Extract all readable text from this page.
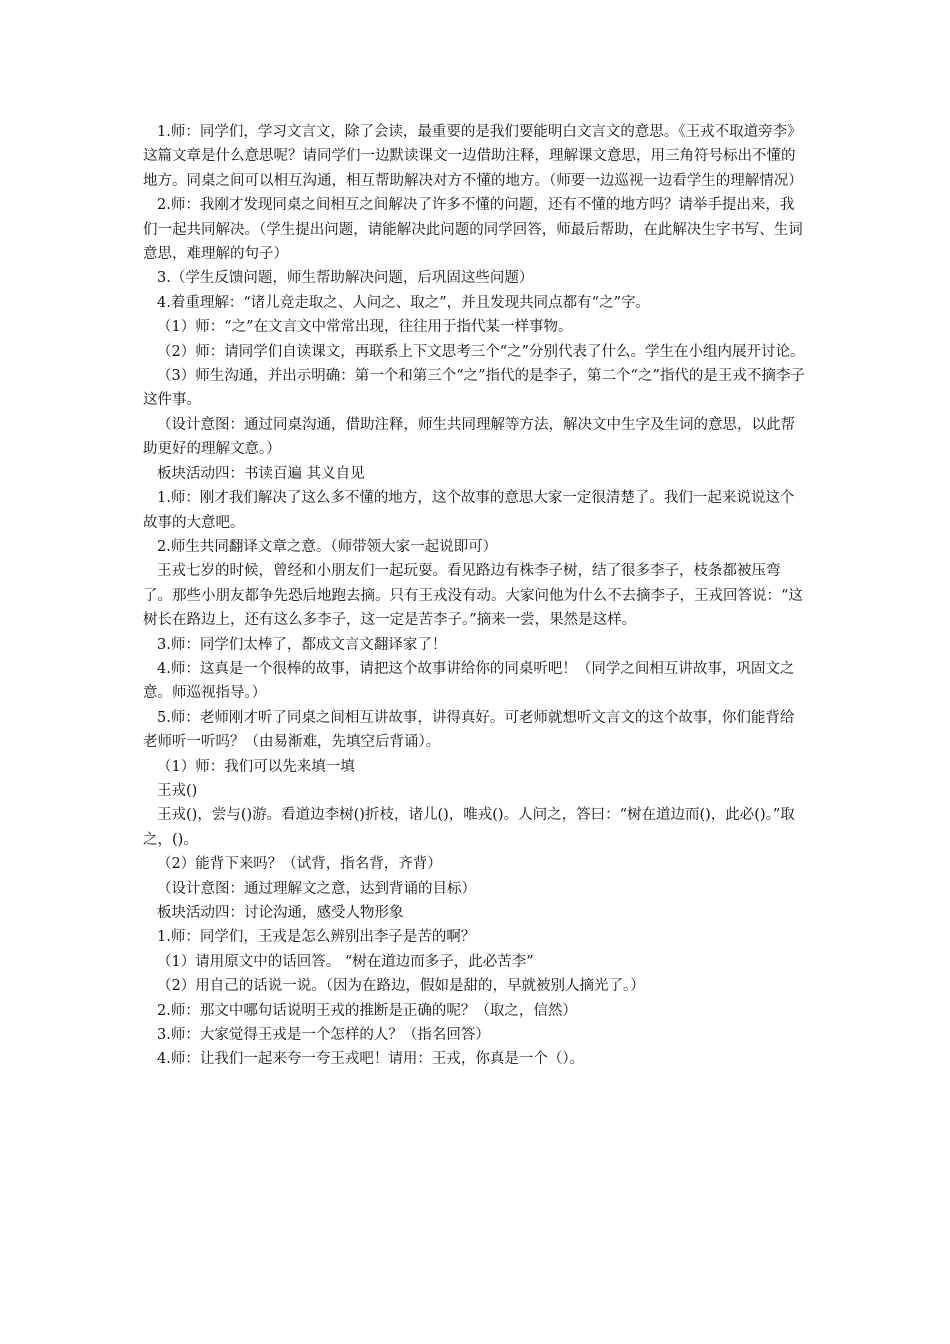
1.师：同学们，学习文言文，除了会读，最重要的是我们要能明白文言文的意思。《王戎不取道旁李》这篇文章是什么意思呢？请同学们一边默读课文一边借助注释，理解课文意思，用三角符号标出不懂的地方。同桌之间可以相互沟通，相互帮助解决对方不懂的地方。（师要一边巡视一边看学生的理解情况）

2.师：我刚才发现同桌之间相互之间解决了许多不懂的问题，还有不懂的地方吗？请举手提出来，我们一起共同解决。（学生提出问题，请能解决此问题的同学回答，师最后帮助，在此解决生字书写、生词意思，难理解的句子）

3.（学生反馈问题，师生帮助解决问题，后巩固这些问题）

4.着重理解：“诸儿竞走取之、人问之、取之”，并且发现共同点都有“之”字。

（1）师：“之”在文言文中常常出现，往往用于指代某一样事物。

（2）师：请同学们自读课文，再联系上下文思考三个“之”分别代表了什么。学生在小组内展开讨论。

（3）师生沟通，并出示明确：第一个和第三个“之”指代的是李子，第二个“之”指代的是王戎不摘李子这件事。

（设计意图：通过同桌沟通，借助注释，师生共同理解等方法，解决文中生字及生词的意思，以此帮助更好的理解文意。）

板块活动四：书读百遍 其义自见

1.师：刚才我们解决了这么多不懂的地方，这个故事的意思大家一定很清楚了。我们一起来说说这个故事的大意吧。

2.师生共同翻译文章之意。（师带领大家一起说即可）

王戎七岁的时候，曾经和小朋友们一起玩耍。看见路边有株李子树，结了很多李子，枝条都被压弯了。那些小朋友都争先恐后地跑去摘。只有王戎没有动。大家问他为什么不去摘李子，王戎回答说：“这树长在路边上，还有这么多李子，这一定是苦李子。”摘来一尝，果然是这样。

3.师：同学们太棒了，都成文言文翻译家了！

4.师：这真是一个很棒的故事，请把这个故事讲给你的同桌听吧！（同学之间相互讲故事，巩固文之意。师巡视指导。）

5.师：老师刚才听了同桌之间相互讲故事，讲得真好。可老师就想听文言文的这个故事，你们能背给老师听一听吗？（由易渐难，先填空后背诵）。

（1）师：我们可以先来填一填

王戎()

王戎()，尝与()游。看道边李树()折枝，诸儿()，唯戎()。人问之，答曰：“树在道边而()，此必()。”取之，()。

（2）能背下来吗？（试背，指名背，齐背）

（设计意图：通过理解文之意，达到背诵的目标）

板块活动四：讨论沟通，感受人物形象

1.师：同学们，王戎是怎么辨别出李子是苦的啊？

（1）请用原文中的话回答。 “树在道边而多子，此必苦李”

（2）用自己的话说一说。（因为在路边，假如是甜的，早就被别人摘光了。）

2.师：那文中哪句话说明王戎的推断是正确的呢？（取之，信然）

3.师：大家觉得王戎是一个怎样的人？（指名回答）

4.师：让我们一起来夸一夸王戎吧！请用：王戎，你真是一个（）。
